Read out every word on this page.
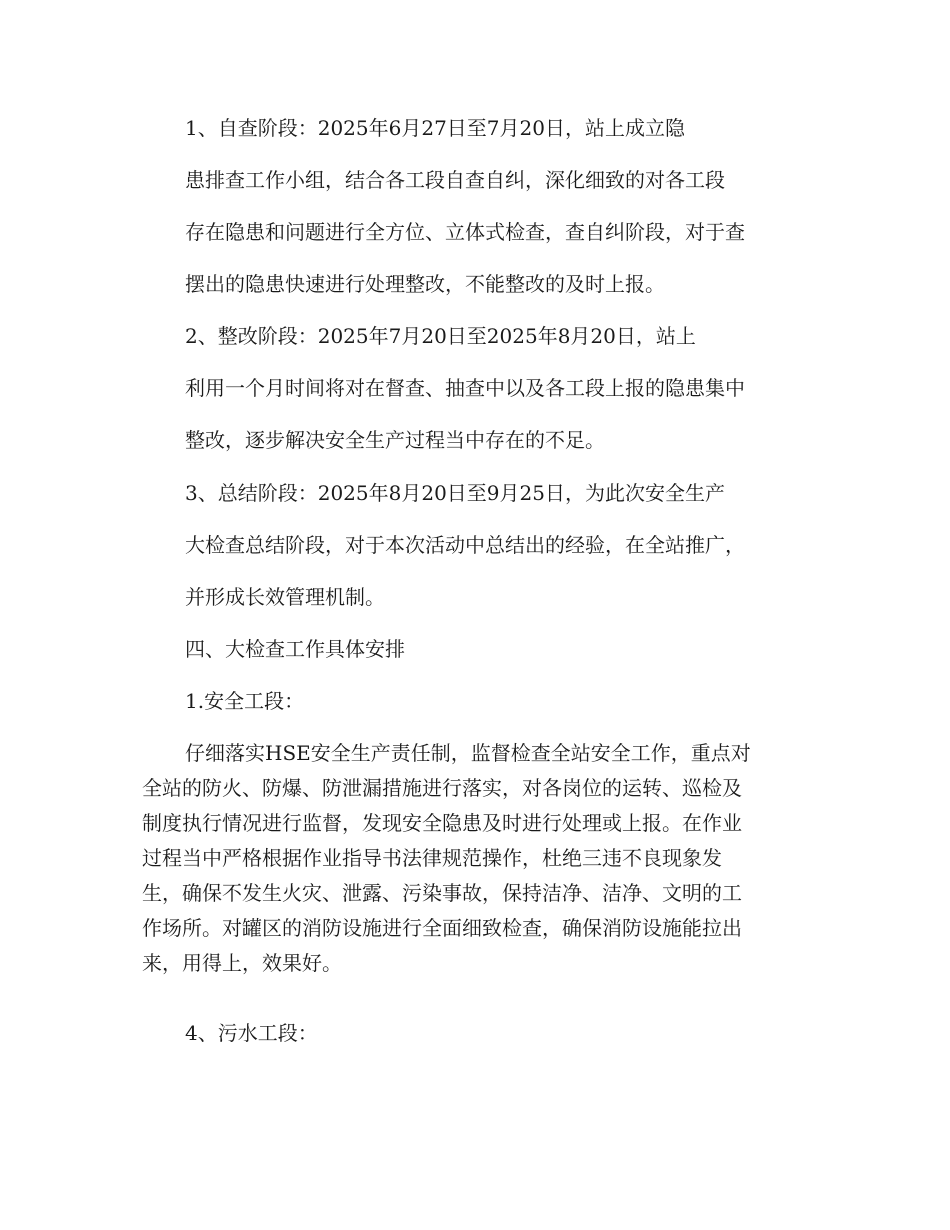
1、自查阶段：2025年6月27日至7月20日，站上成立隐

患排查工作小组，结合各工段自查自纠，深化细致的对各工段

存在隐患和问题进行全方位、立体式检查，查自纠阶段，对于查

摆出的隐患快速进行处理整改，不能整改的及时上报。

2、整改阶段：2025年7月20日至2025年8月20日，站上

利用一个月时间将对在督查、抽查中以及各工段上报的隐患集中

整改，逐步解决安全生产过程当中存在的不足。

3、总结阶段：2025年8月20日至9月25日，为此次安全生产

大检查总结阶段，对于本次活动中总结出的经验，在全站推广，

并形成长效管理机制。

四、大检查工作具体安排

1.安全工段：

仔细落实HSE安全生产责任制，监督检查全站安全工作，重点对

全站的防火、防爆、防泄漏措施进行落实，对各岗位的运转、巡检及

制度执行情况进行监督，发现安全隐患及时进行处理或上报。在作业

过程当中严格根据作业指导书法律规范操作，杜绝三违不良现象发

生，确保不发生火灾、泄露、污染事故，保持洁净、洁净、文明的工

作场所。对罐区的消防设施进行全面细致检查，确保消防设施能拉出

来，用得上，效果好。

4、污水工段：
